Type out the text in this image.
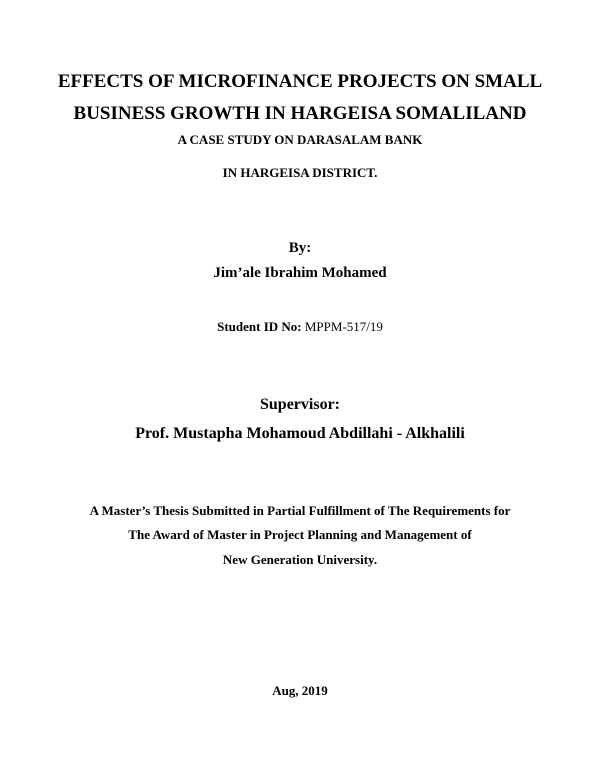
EFFECTS OF MICROFINANCE PROJECTS ON SMALL
BUSINESS GROWTH IN HARGEISA SOMALILAND
A CASE STUDY ON DARASALAM BANK
IN HARGEISA DISTRICT.
By:
Jim’ale Ibrahim Mohamed
Student ID No: MPPM-517/19
Supervisor:
Prof. Mustapha Mohamoud Abdillahi - Alkhalili
A Master’s Thesis Submitted in Partial Fulfillment of The Requirements for
The Award of Master in Project Planning and Management of
New Generation University.
Aug, 2019
